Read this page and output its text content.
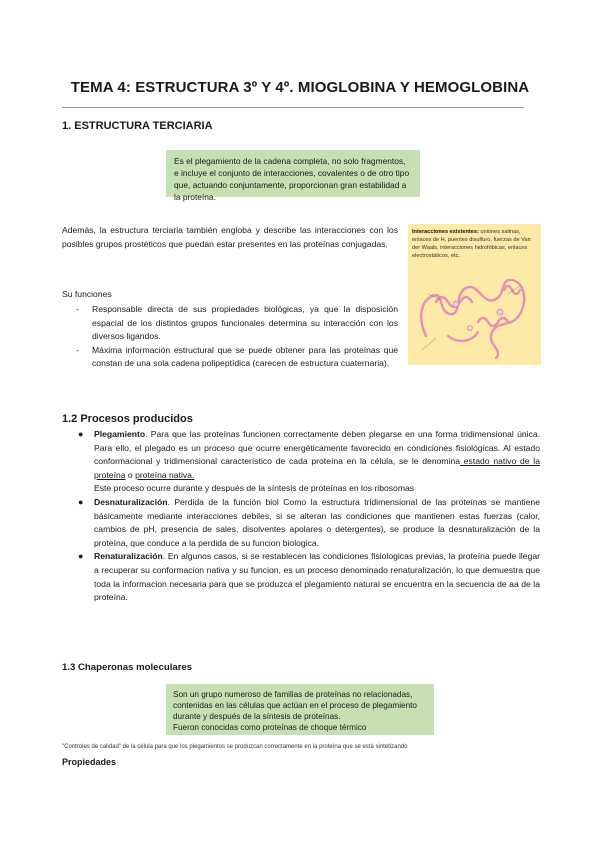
TEMA 4: ESTRUCTURA 3º Y 4º. MIOGLOBINA Y HEMOGLOBINA
1. ESTRUCTURA TERCIARIA
Es el plegamiento de la cadena completa, no solo fragmentos, e incluye el conjunto de interacciones, covalentes o de otro tipo que, actuando conjuntamente, proporcionan gran estabilidad a la proteína.
Además, la estructura terciaria también engloba y describe las interacciones con los posibles grupos prostéticos que puedan estar presentes en las proteínas conjugadas.
Su funciones
- Responsable directa de sus propiedades biológicas, ya que la disposición espacial de los distintos grupos funcionales determina su interacción con los diversos ligandos.
- Máxima información estructural que se puede obtener para las proteínas que constan de una sola cadena polipeptídica (carecen de estructura cuaternaria).
Interacciones existentes: uniones salinas, enlaces de H, puentes disulfuro, fuerzas de Van der Waals, interacciones hidrofóbicas, enlaces electrostáticos, etc.
1.2 Procesos producidos
● Plegamiento. Para que las proteínas funcionen correctamente deben plegarse en una forma tridimensional única. Para ello, el plegado es un proceso que ocurre energéticamente favorecido en condiciones fisiológicas. Al estado conformacional y tridimensional característico de cada proteína en la célula, se le denomina estado nativo de la proteína o proteína nativa.
Este proceso ocurre durante y después de la síntesis de proteínas en los ribosomas
● Desnaturalización. Perdida de la función biol Como la estructura tridimensional de las proteínas se mantiene básicamente mediante interacciones debiles, si se alteran las condiciones que mantienen estas fuerzas (calor, cambios de pH, presencia de sales, disolventes apolares o detergentes), se produce la desnaturalización de la proteína, que conduce a la perdida de su funcion biologica.
● Renaturalización. En algunos casos, si se restablecen las condiciones fisiologicas previas, la proteína puede llegar a recuperar su conformacion nativa y su funcion, es un proceso denominado renaturalización, lo que demuestra que toda la informacion necesaria para que se produzca el plegamiento natural se encuentra en la secuencia de aa de la proteína.
1.3 Chaperonas moleculares
Son un grupo numeroso de familias de proteínas no relacionadas, contenidas en las células que actúan en el proceso de plegamiento durante y después de la síntesis de proteínas.
Fueron conocidas como proteínas de choque térmico
"Controles de calidad" de la célula para que los plegamientos se produzcan correctamente en la proteína que se está sintetizando
Propiedades
